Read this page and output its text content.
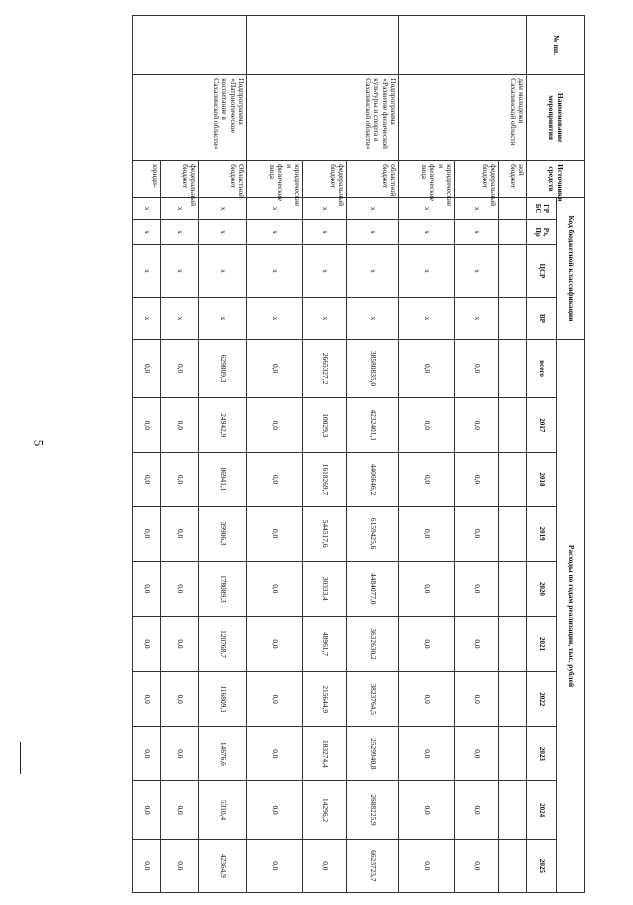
5
№ пп.	Наименование мероприятия	Источники средств	Код бюджетной классификации				Расходы по годам реализации, тыс. рублей									
			ГР БС	Рз, Пр	ЦСР	ВР	всего	2017	2018	2019	2020	2021	2022	2023	2024	2025
	дам молодежи Сахалинской области	ной бюджет														
		федеральный бюджет	x	x	x	x	0,0	0,0	0,0	0,0	0,0	0,0	0,0	0,0	0,0	0,0
		юридические и физические лица	x	x	x	x	0,0	0,0	0,0	0,0	0,0	0,0	0,0	0,0	0,0	0,0
	Подпрограмма «Развитие физической культуры и спорта в Сахалинской области»	областной бюджет	x	x	x	x	38580835,0	4232401,1	4406646,2	6159425,6	4484077,0	3632630,2	3823764,5	2529940,8	2688225,9	6623723,7
		федеральный бюджет	x	x	x	x	2665327,2	10029,3	1618269,7	544517,6	30333,4	48961,7	215644,9	183274,4	14296,2	0,0
		юридические и физические лица	x	x	x	x	0,0	0,0	0,0	0,0	0,0	0,0	0,0	0,0	0,0	0,0
	Подпрограмма «Патриотическое воспитание в Сахалинской области»	Областной бюджет	x	x	x	x	629809,3	24942,9	86941,1	39906,3	178089,3	120768,7	116809,1	14676,6	5310,4	42364,9
		федеральный бюджет	x	x	x	x	0,0	0,0	0,0	0,0	0,0	0,0	0,0	0,0	0,0	0,0
		юриди-	x	x	x	x	0,0	0,0	0,0	0,0	0,0	0,0	0,0	0,0	0,0	0,0
